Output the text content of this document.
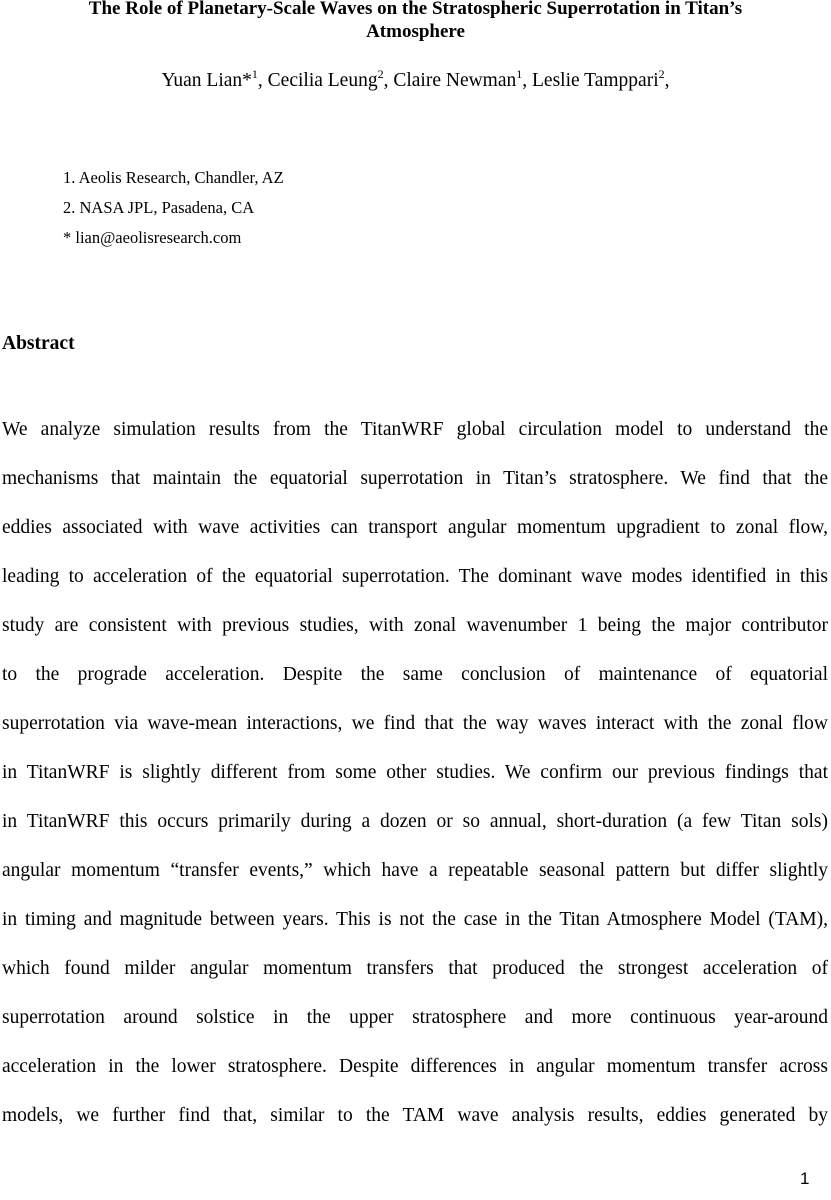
The Role of Planetary-Scale Waves on the Stratospheric Superrotation in Titan’s
Atmosphere
Yuan Lian*$^1$, Cecilia Leung$^2$, Claire Newman$^1$, Leslie Tamppari$^2$,
1. Aeolis Research, Chandler, AZ
2. NASA JPL, Pasadena, CA
* lian@aeolisresearch.com
Abstract
We analyze simulation results from the TitanWRF global circulation model to understand the
mechanisms that maintain the equatorial superrotation in Titan’s stratosphere. We find that the
eddies associated with wave activities can transport angular momentum upgradient to zonal flow,
leading to acceleration of the equatorial superrotation. The dominant wave modes identified in this
study are consistent with previous studies, with zonal wavenumber 1 being the major contributor
to the prograde acceleration. Despite the same conclusion of maintenance of equatorial
superrotation via wave-mean interactions, we find that the way waves interact with the zonal flow
in TitanWRF is slightly different from some other studies. We confirm our previous findings that
in TitanWRF this occurs primarily during a dozen or so annual, short-duration (a few Titan sols)
angular momentum “transfer events,” which have a repeatable seasonal pattern but differ slightly
in timing and magnitude between years. This is not the case in the Titan Atmosphere Model (TAM),
which found milder angular momentum transfers that produced the strongest acceleration of
superrotation around solstice in the upper stratosphere and more continuous year-around
acceleration in the lower stratosphere. Despite differences in angular momentum transfer across
models, we further find that, similar to the TAM wave analysis results, eddies generated by
1
